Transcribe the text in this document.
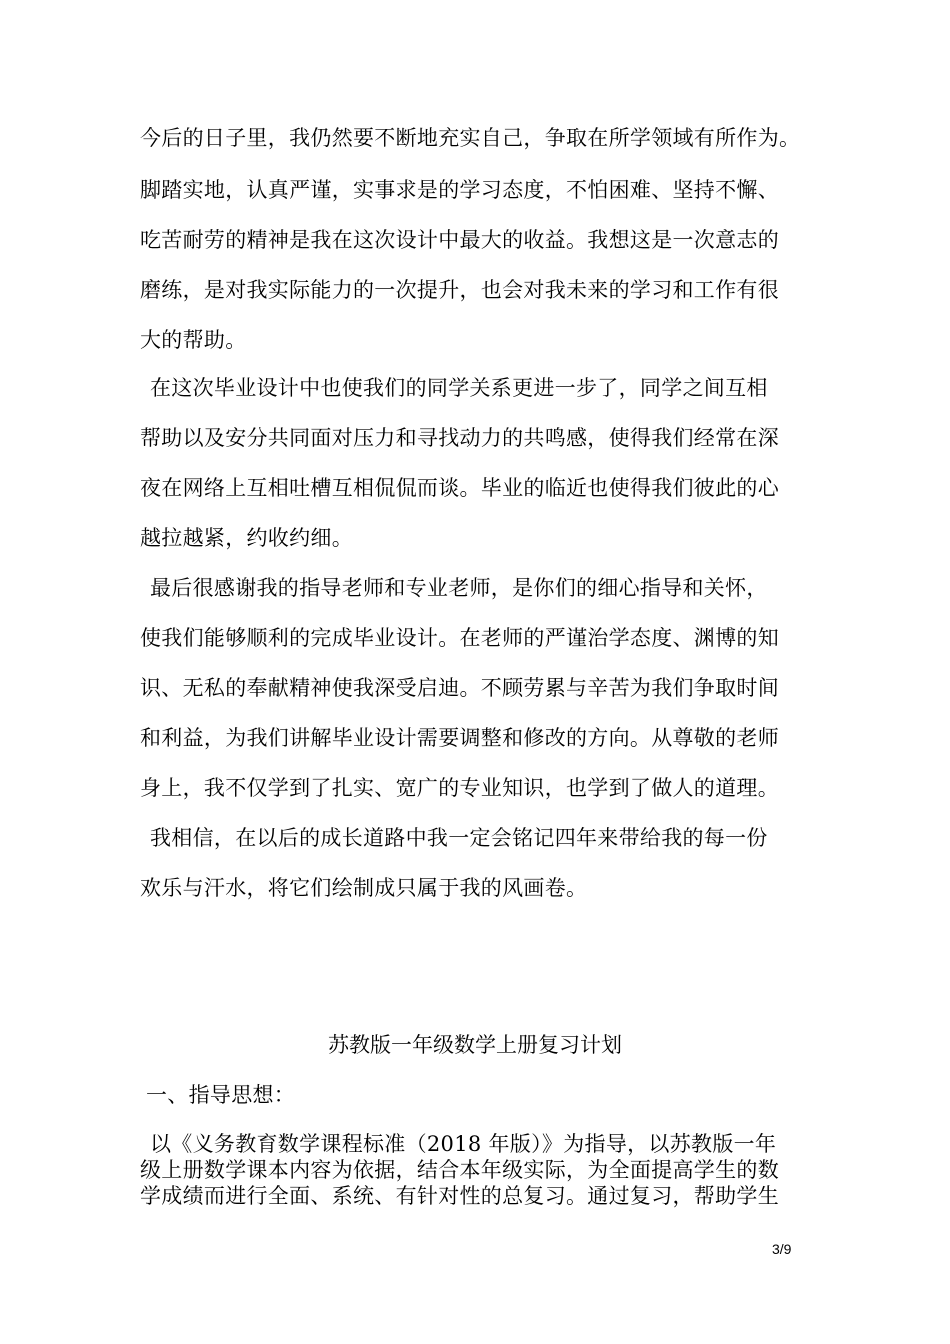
今后的日子里，我仍然要不断地充实自己，争取在所学领域有所作为。
脚踏实地，认真严谨，实事求是的学习态度，不怕困难、坚持不懈、
吃苦耐劳的精神是我在这次设计中最大的收益。我想这是一次意志的
磨练，是对我实际能力的一次提升，也会对我未来的学习和工作有很
大的帮助。
在这次毕业设计中也使我们的同学关系更进一步了，同学之间互相
帮助以及安分共同面对压力和寻找动力的共鸣感，使得我们经常在深
夜在网络上互相吐槽互相侃侃而谈。毕业的临近也使得我们彼此的心
越拉越紧，约收约细。
最后很感谢我的指导老师和专业老师，是你们的细心指导和关怀，
使我们能够顺利的完成毕业设计。在老师的严谨治学态度、渊博的知
识、无私的奉献精神使我深受启迪。不顾劳累与辛苦为我们争取时间
和利益，为我们讲解毕业设计需要调整和修改的方向。从尊敬的老师
身上，我不仅学到了扎实、宽广的专业知识，也学到了做人的道理。
我相信，在以后的成长道路中我一定会铭记四年来带给我的每一份
欢乐与汗水，将它们绘制成只属于我的风画卷。
苏教版一年级数学上册复习计划
一、指导思想：
以《义务教育数学课程标准（2018 年版）》为指导，以苏教版一年
级上册数学课本内容为依据，结合本年级实际，为全面提高学生的数
学成绩而进行全面、系统、有针对性的总复习。通过复习，帮助学生
3/9
